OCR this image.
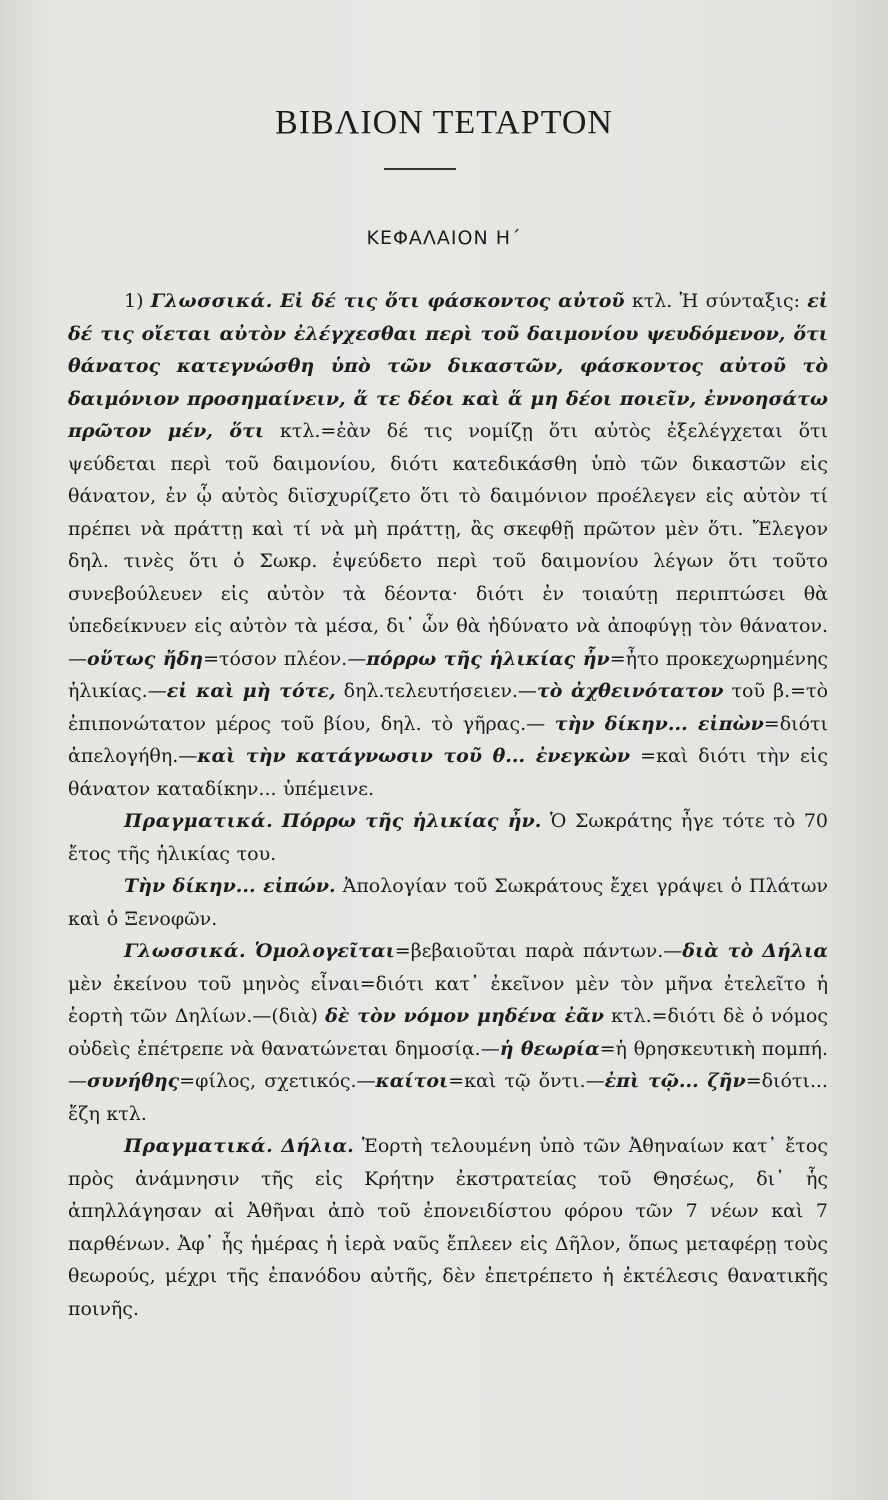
ΒΙΒΛΙΟΝ ΤΕΤΑΡΤΟΝ
ΚΕΦΑΛΑΙΟΝ Η΄

1) Γλωσσικά. Εἰ δέ τις ὅτι φάσκοντος αὐτοῦ κτλ. Ἡ σύνταξις: εἰ δέ τις οἴεται αὐτὸν ἐλέγχεσθαι περὶ τοῦ δαιμονίου ψευδόμενον, ὅτι θάνατος κατεγνώσθη ὑπὸ τῶν δικαστῶν, φάσκοντος αὐτοῦ τὸ δαιμόνιον προσημαίνειν, ἅ τε δέοι καὶ ἅ μη δέοι ποιεῖν, ἐννοησάτω πρῶτον μέν, ὅτι κτλ.=ἐὰν δέ τις νομίζῃ ὅτι αὐτὸς ἐξελέγχεται ὅτι ψεύδεται περὶ τοῦ δαιμονίου, διότι κατεδικάσθη ὑπὸ τῶν δικαστῶν εἰς θάνατον, ἐν ᾧ αὐτὸς διϊσχυρίζετο ὅτι τὸ δαιμόνιον προέλεγεν εἰς αὐτὸν τί πρέπει νὰ πράττῃ καὶ τί νὰ μὴ πράττῃ, ἂς σκεφθῇ πρῶτον μὲν ὅτι. Ἔλεγον δηλ. τινὲς ὅτι ὁ Σωκρ. ἐψεύδετο περὶ τοῦ δαιμονίου λέγων ὅτι τοῦτο συνεβούλευεν εἰς αὐτὸν τὰ δέοντα· διότι ἐν τοιαύτῃ περιπτώσει θὰ ὑπεδείκνυεν εἰς αὐτὸν τὰ μέσα, δι᾽ ὧν θὰ ἠδύνατο νὰ ἀποφύγῃ τὸν θάνατον.—οὕτως ἤδη=τόσον πλέον.—πόρρω τῆς ἡλικίας ἦν=ἦτο προκεχωρημένης ἡλικίας.—εἰ καὶ μὴ τότε, δηλ.τελευτήσειεν.—τὸ ἀχθεινότατον τοῦ β.=τὸ ἐπιπονώτατον μέρος τοῦ βίου, δηλ. τὸ γῆρας.— τὴν δίκην... εἰπὼν=διότι ἀπελογήθη.—καὶ τὴν κατάγνωσιν τοῦ θ... ἐνεγκὼν =καὶ διότι τὴν εἰς θάνατον καταδίκην... ὑπέμεινε.

Πραγματικά. Πόρρω τῆς ἡλικίας ἦν. Ὁ Σωκράτης ἦγε τότε τὸ 70 ἔτος τῆς ἡλικίας του.

Τὴν δίκην... εἰπών. Ἀπολογίαν τοῦ Σωκράτους ἔχει γράψει ὁ Πλάτων καὶ ὁ Ξενοφῶν.

Γλωσσικά. Ὁμολογεῖται=βεβαιοῦται παρὰ πάντων.—διὰ τὸ Δήλια μὲν ἐκείνου τοῦ μηνὸς εἶναι=διότι κατ᾽ ἐκεῖνον μὲν τὸν μῆνα ἐτελεῖτο ἡ ἑορτὴ τῶν Δηλίων.—(διὰ) δὲ τὸν νόμον μηδένα ἐᾶν κτλ.=διότι δὲ ὁ νόμος οὐδεὶς ἐπέτρεπε νὰ θανατώνεται δημοσίᾳ.—ἡ θεωρία=ἡ θρησκευτικὴ πομπή.—συνήθης=φίλος, σχετικός.—καίτοι=καὶ τῷ ὄντι.—ἐπὶ τῷ... ζῆν=διότι... ἔζη κτλ.

Πραγματικά. Δήλια. Ἑορτὴ τελουμένη ὑπὸ τῶν Ἀθηναίων κατ᾽ ἔτος πρὸς ἀνάμνησιν τῆς εἰς Κρήτην ἐκστρατείας τοῦ Θησέως, δι᾽ ἧς ἀπηλλάγησαν αἱ Ἀθῆναι ἀπὸ τοῦ ἐπονειδίστου φόρου τῶν 7 νέων καὶ 7 παρθένων. Ἀφ᾽ ἧς ἡμέρας ἡ ἱερὰ ναῦς ἔπλεεν εἰς Δῆλον, ὅπως μεταφέρῃ τοὺς θεωρούς, μέχρι τῆς ἐπανόδου αὐτῆς, δὲν ἐπετρέπετο ἡ ἐκτέλεσις θανατικῆς ποινῆς.
